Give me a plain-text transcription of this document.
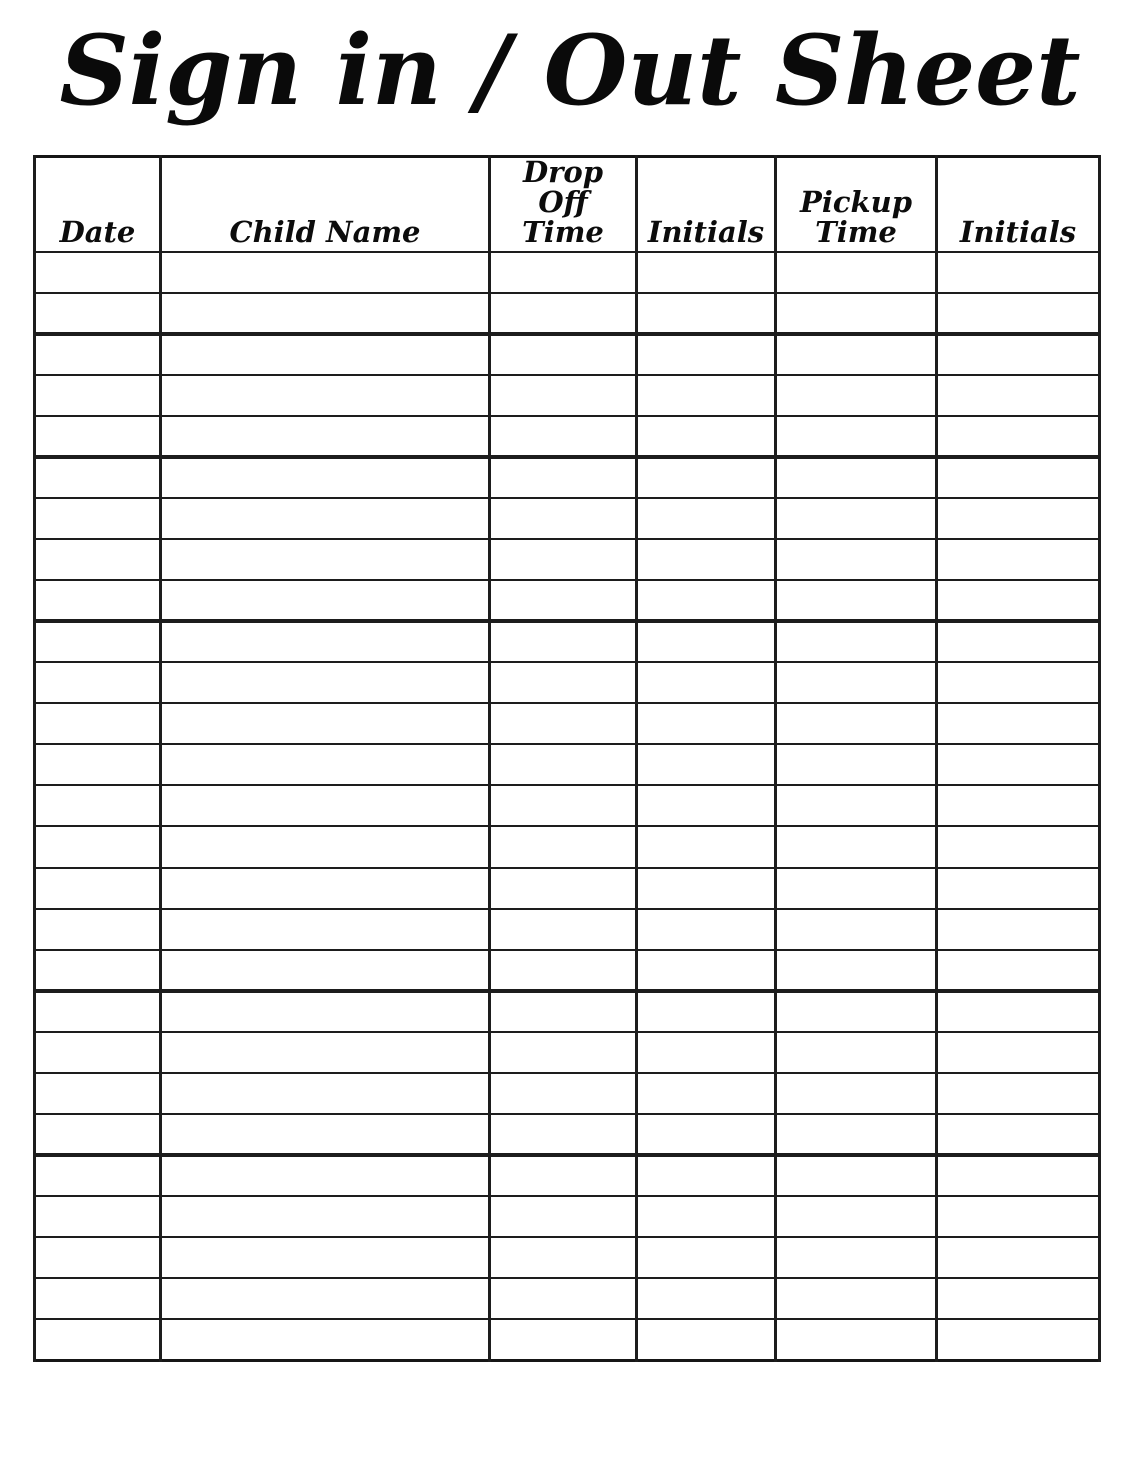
Sign in / Out Sheet
Date	Child Name	Drop Off Time	Initials	Pickup Time	Initials
